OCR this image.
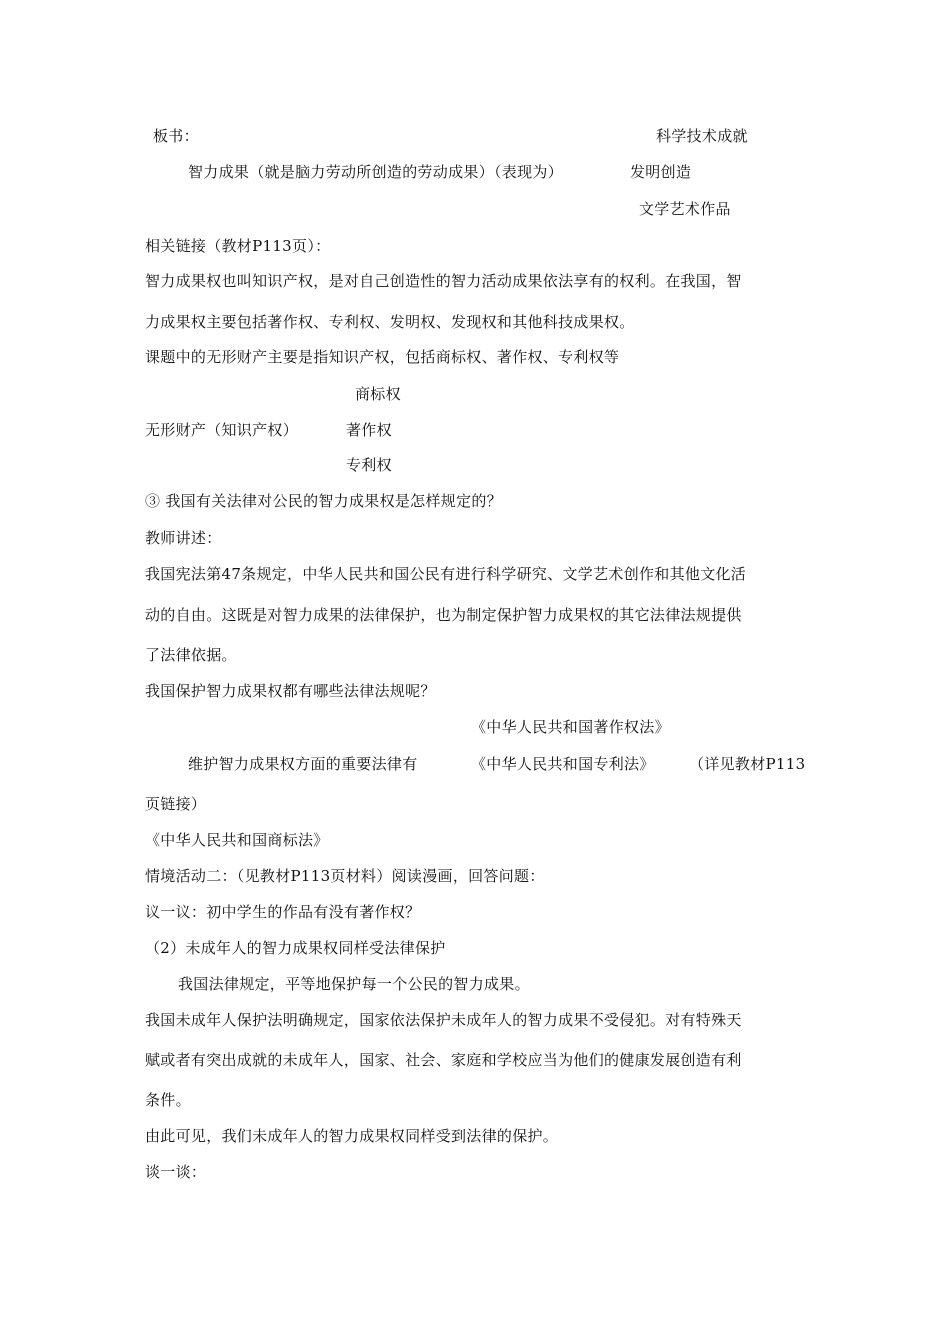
板书：	科学技术成就
智力成果（就是脑力劳动所创造的劳动成果）（表现为）	发明创造
文学艺术作品
相关链接（教材P113页）：
智力成果权也叫知识产权，是对自己创造性的智力活动成果依法享有的权利。在我国，智
力成果权主要包括著作权、专利权、发明权、发现权和其他科技成果权。
课题中的无形财产主要是指知识产权，包括商标权、著作权、专利权等
商标权
无形财产（知识产权）	著作权
专利权
③ 我国有关法律对公民的智力成果权是怎样规定的？
教师讲述：
我国宪法第47条规定，中华人民共和国公民有进行科学研究、文学艺术创作和其他文化活
动的自由。这既是对智力成果的法律保护，也为制定保护智力成果权的其它法律法规提供
了法律依据。
我国保护智力成果权都有哪些法律法规呢？
《中华人民共和国著作权法》
维护智力成果权方面的重要法律有	《中华人民共和国专利法》 （详见教材P113
页链接）
《中华人民共和国商标法》
情境活动二：（见教材P113页材料）阅读漫画，回答问题：
议一议：初中学生的作品有没有著作权？
（2）未成年人的智力成果权同样受法律保护
我国法律规定，平等地保护每一个公民的智力成果。
我国未成年人保护法明确规定，国家依法保护未成年人的智力成果不受侵犯。对有特殊天
赋或者有突出成就的未成年人，国家、社会、家庭和学校应当为他们的健康发展创造有利
条件。
由此可见，我们未成年人的智力成果权同样受到法律的保护。
谈一谈：
